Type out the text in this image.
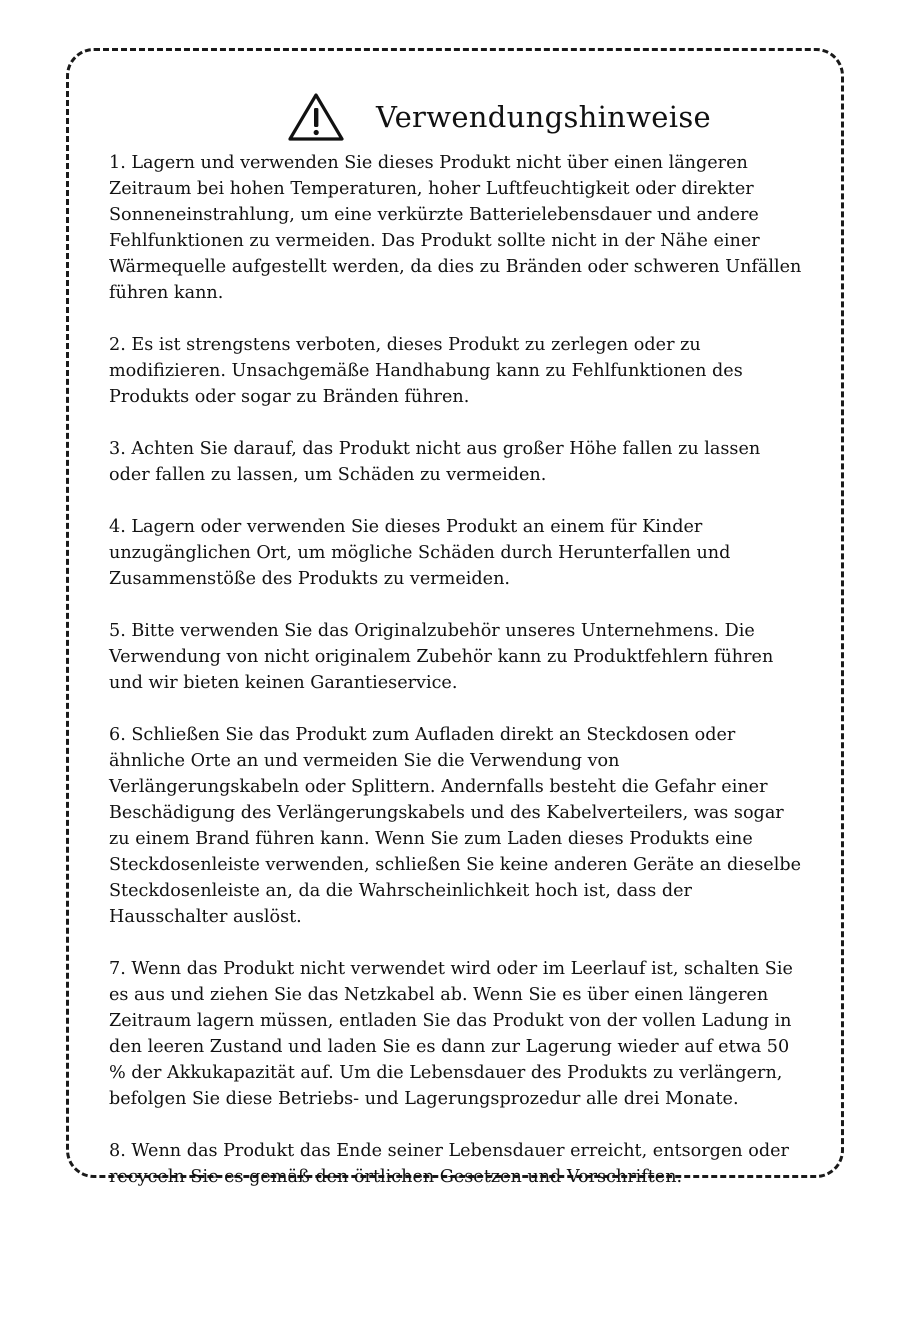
Verwendungshinweise

1. Lagern und verwenden Sie dieses Produkt nicht über einen längeren Zeitraum bei hohen Temperaturen, hoher Luftfeuchtigkeit oder direkter Sonneneinstrahlung, um eine verkürzte Batterielebensdauer und andere Fehlfunktionen zu vermeiden. Das Produkt sollte nicht in der Nähe einer Wärmequelle aufgestellt werden, da dies zu Bränden oder schweren Unfällen führen kann.

2. Es ist strengstens verboten, dieses Produkt zu zerlegen oder zu modifizieren. Unsachgemäße Handhabung kann zu Fehlfunktionen des Produkts oder sogar zu Bränden führen.

3. Achten Sie darauf, das Produkt nicht aus großer Höhe fallen zu lassen oder fallen zu lassen, um Schäden zu vermeiden.

4. Lagern oder verwenden Sie dieses Produkt an einem für Kinder unzugänglichen Ort, um mögliche Schäden durch Herunterfallen und Zusammenstöße des Produkts zu vermeiden.

5. Bitte verwenden Sie das Originalzubehör unseres Unternehmens. Die Verwendung von nicht originalem Zubehör kann zu Produktfehlern führen und wir bieten keinen Garantieservice.

6. Schließen Sie das Produkt zum Aufladen direkt an Steckdosen oder ähnliche Orte an und vermeiden Sie die Verwendung von Verlängerungskabeln oder Splittern. Andernfalls besteht die Gefahr einer Beschädigung des Verlängerungskabels und des Kabelverteilers, was sogar zu einem Brand führen kann. Wenn Sie zum Laden dieses Produkts eine Steckdosenleiste verwenden, schließen Sie keine anderen Geräte an dieselbe Steckdosenleiste an, da die Wahrscheinlichkeit hoch ist, dass der Hausschalter auslöst.

7. Wenn das Produkt nicht verwendet wird oder im Leerlauf ist, schalten Sie es aus und ziehen Sie das Netzkabel ab. Wenn Sie es über einen längeren Zeitraum lagern müssen, entladen Sie das Produkt von der vollen Ladung in den leeren Zustand und laden Sie es dann zur Lagerung wieder auf etwa 50 % der Akkukapazität auf. Um die Lebensdauer des Produkts zu verlängern, befolgen Sie diese Betriebs- und Lagerungsprozedur alle drei Monate.

8. Wenn das Produkt das Ende seiner Lebensdauer erreicht, entsorgen oder recyceln Sie es gemäß den örtlichen Gesetzen und Vorschriften.
